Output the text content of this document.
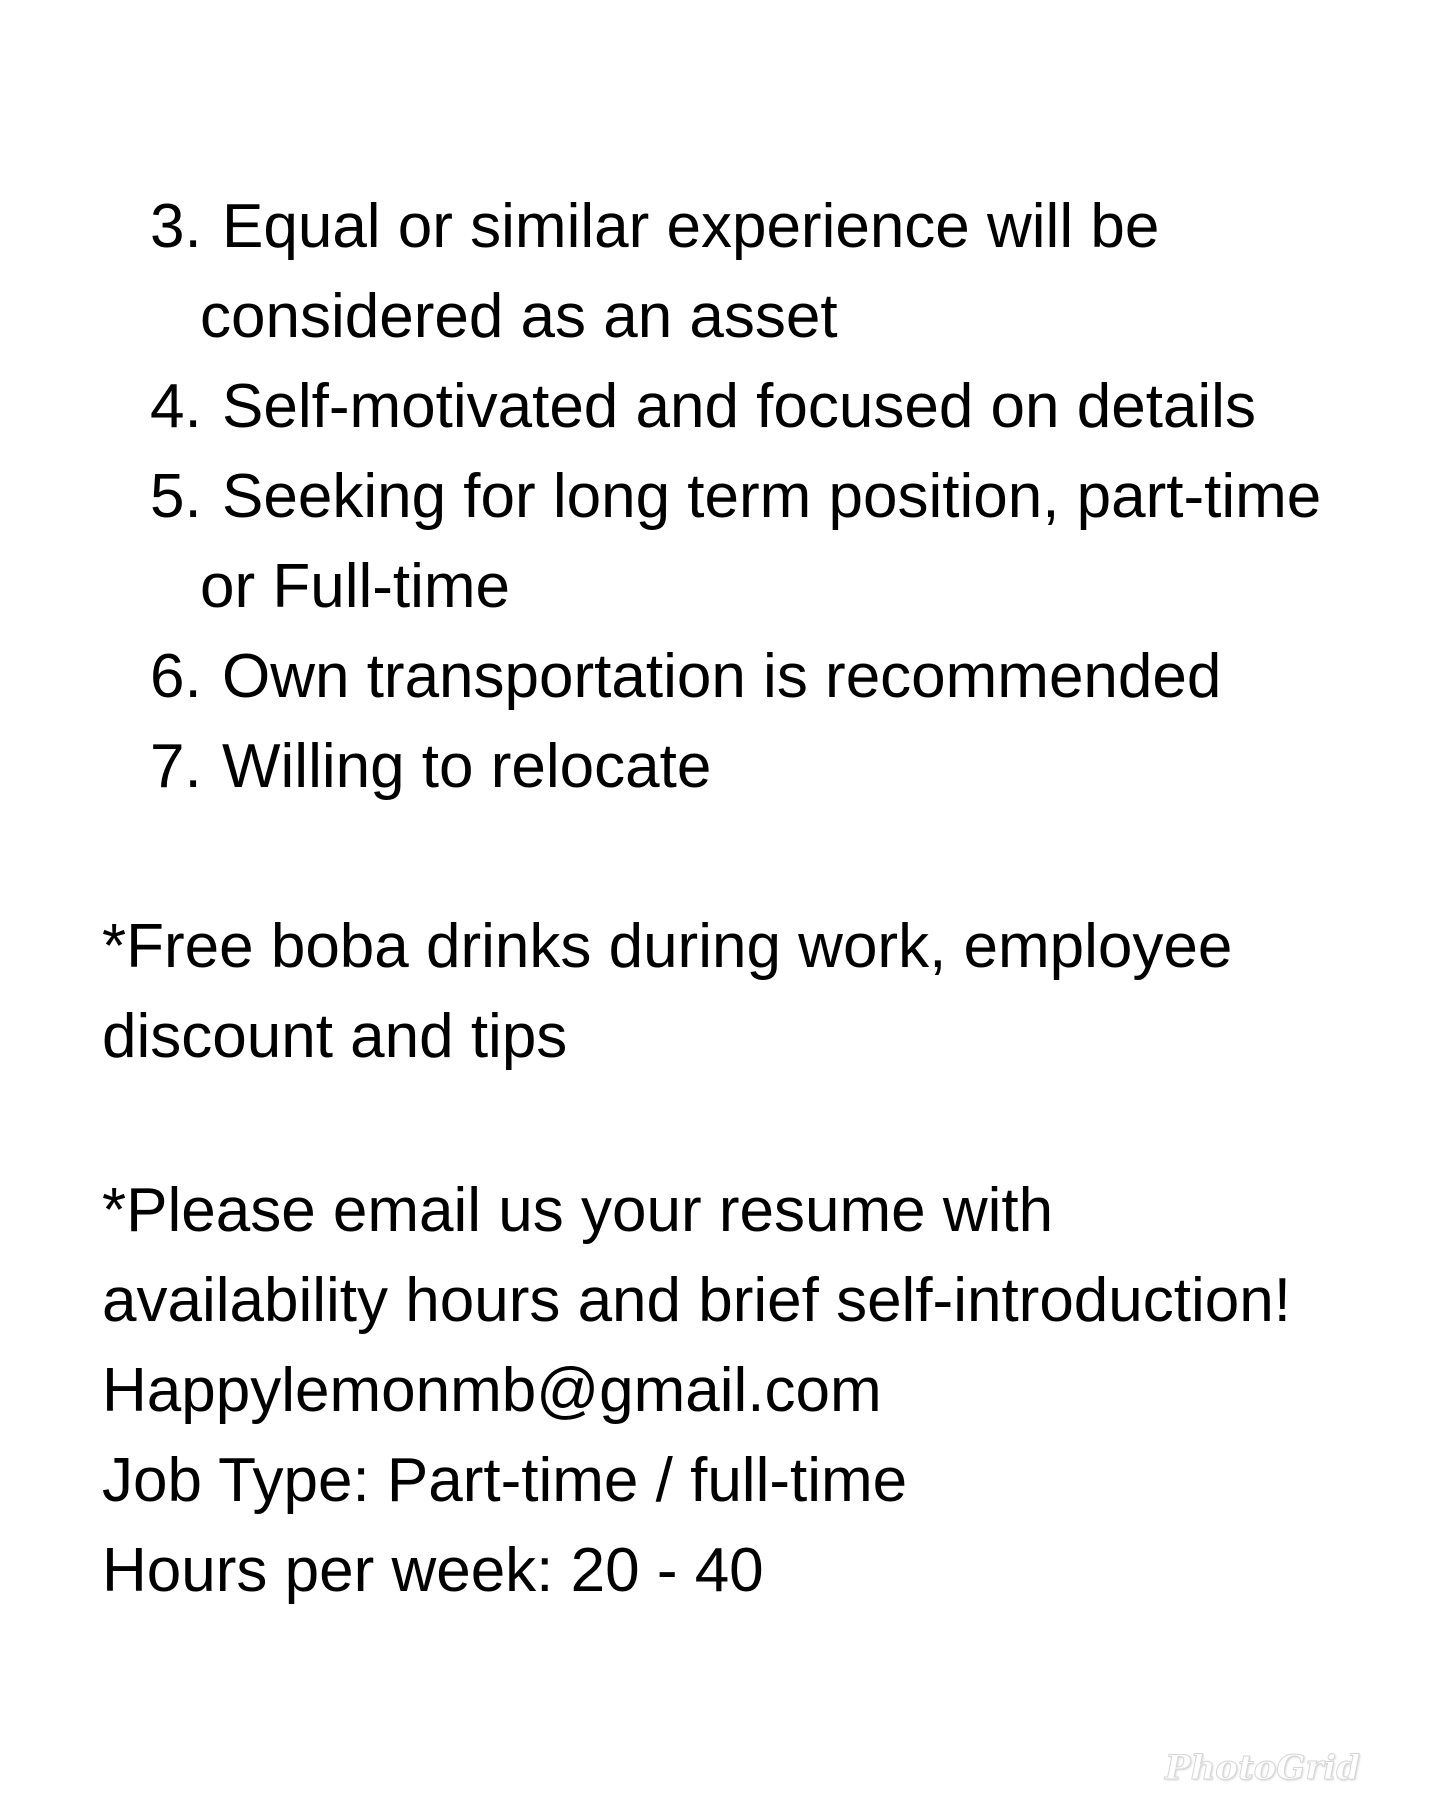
3. Equal or similar experience will be
considered as an asset
4. Self-motivated and focused on details
5. Seeking for long term position, part-time
or Full-time
6. Own transportation is recommended
7. Willing to relocate
*Free boba drinks during work, employee
discount and tips
*Please email us your resume with
availability hours and brief self-introduction!
Happylemonmb@gmail.com
Job Type: Part-time / full-time
Hours per week: 20 - 40
PhotoGrid
